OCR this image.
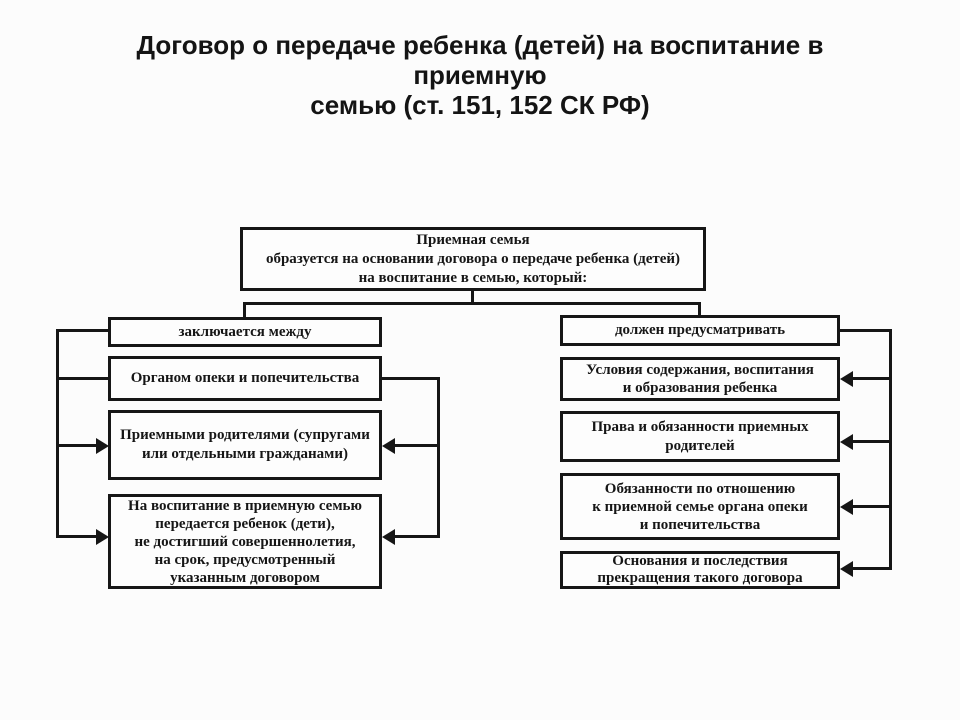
Договор о передаче ребенка (детей) на воспитание в
приемную
семью (ст. 151, 152 СК РФ)
Приемная семья
образуется на основании договора о передаче ребенка (детей)
на воспитание в семью, который:
заключается между
Органом опеки и попечительства
Приемными родителями (супругами
или отдельными гражданами)
На воспитание в приемную семью
передается ребенок (дети),
не достигший совершеннолетия,
на срок, предусмотренный
указанным договором
должен предусматривать
Условия содержания, воспитания
и образования ребенка
Права и обязанности приемных
родителей
Обязанности по отношению
к приемной семье органа опеки
и попечительства
Основания и последствия
прекращения такого договора
